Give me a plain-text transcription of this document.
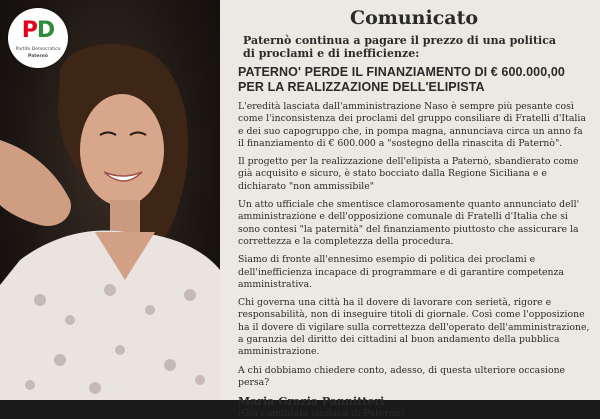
PD
Partito Democratico
Paternò
Comunicato
Paternò continua a pagare il prezzo di una politica
di proclami e di inefficienze:
PATERNO' PERDE IL FINANZIAMENTO DI € 600.000,00 PER LA REALIZZAZIONE DELL'ELIPISTA

L'eredità lasciata dall'amministrazione Naso è sempre più pesante così come l'inconsistenza dei proclami del gruppo consiliare di Fratelli d'Italia e dei suo capogruppo che, in pompa magna, annunciava circa un anno fa il finanziamento di € 600.000 a "sostegno della rinascita di Paternò".

Il progetto per la realizzazione dell'elipista a Paternò, sbandierato come già acquisito e sicuro, è stato bocciato dalla Regione Siciliana e e dichiarato "non ammissibile"

Un atto ufficiale che smentisce clamorosamente quanto annunciato dell' amministrazione e dell'opposizione comunale di Fratelli d'Italia che si sono contesi "la paternità" del finanziamento piuttosto che assicurare la correttezza e la completezza della procedura.

Siamo di fronte all'ennesimo esempio di politica dei proclami e dell'inefficienza incapace di programmare e di garantire competenza amministrativa.

Chi governa una città ha il dovere di lavorare con serietà, rigore e responsabilità, non di inseguire titoli di giornale. Così come l'opposizione ha il dovere di vigilare sulla correttezza dell'operato dell'amministrazione, a garanzia del diritto dei cittadini al buon andamento della pubblica amministrazione.

A chi dobbiamo chiedere conto, adesso, di questa ulteriore occasione persa?

Maria Grazia Pannitteri
(Già candidata sindaca di Paternò)
